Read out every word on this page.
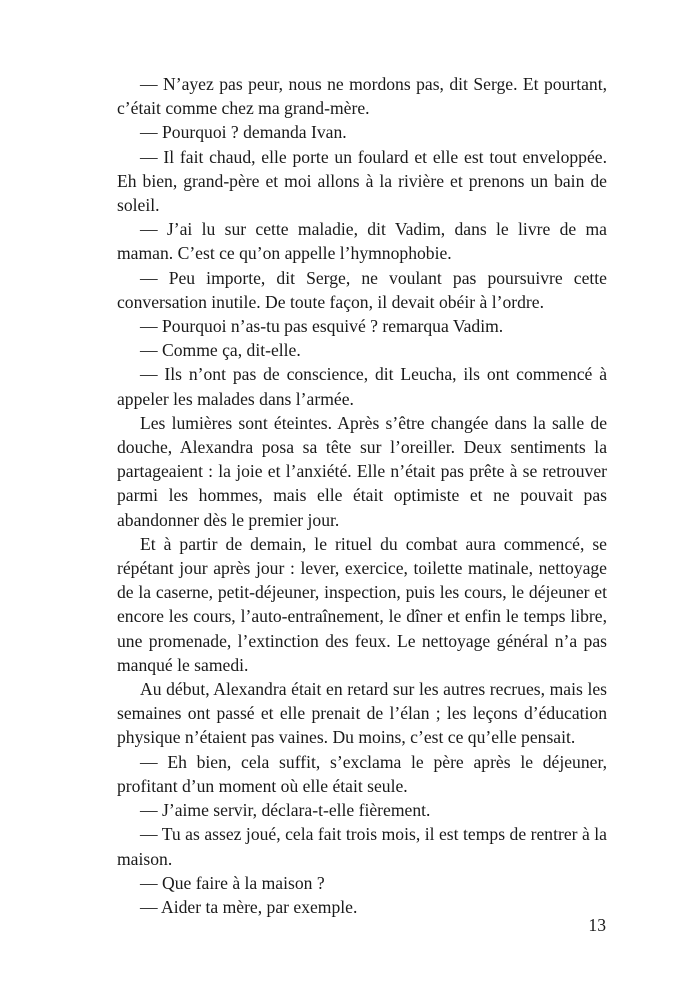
— N’ayez pas peur, nous ne mordons pas, dit Serge. Et pourtant, c’était comme chez ma grand-mère.

— Pourquoi ? demanda Ivan.

— Il fait chaud, elle porte un foulard et elle est tout enveloppée. Eh bien, grand-père et moi allons à la rivière et prenons un bain de soleil.

— J’ai lu sur cette maladie, dit Vadim, dans le livre de ma maman. C’est ce qu’on appelle l’hymnophobie.

— Peu importe, dit Serge, ne voulant pas poursuivre cette conversation inutile. De toute façon, il devait obéir à l’ordre.

— Pourquoi n’as-tu pas esquivé ? remarqua Vadim.

— Comme ça, dit-elle.

— Ils n’ont pas de conscience, dit Leucha, ils ont commencé à appeler les malades dans l’armée.

Les lumières sont éteintes. Après s’être changée dans la salle de douche, Alexandra posa sa tête sur l’oreiller. Deux sentiments la partageaient : la joie et l’anxiété. Elle n’était pas prête à se retrouver parmi les hommes, mais elle était optimiste et ne pouvait pas abandonner dès le premier jour.

Et à partir de demain, le rituel du combat aura commencé, se répétant jour après jour : lever, exercice, toilette matinale, nettoyage de la caserne, petit-déjeuner, inspection, puis les cours, le déjeuner et encore les cours, l’auto-entraînement, le dîner et enfin le temps libre, une promenade, l’extinction des feux. Le nettoyage général n’a pas manqué le samedi.

Au début, Alexandra était en retard sur les autres recrues, mais les semaines ont passé et elle prenait de l’élan ; les leçons d’éducation physique n’étaient pas vaines. Du moins, c’est ce qu’elle pensait.

— Eh bien, cela suffit, s’exclama le père après le déjeuner, profitant d’un moment où elle était seule.

— J’aime servir, déclara-t-elle fièrement.

— Tu as assez joué, cela fait trois mois, il est temps de rentrer à la maison.

— Que faire à la maison ?

— Aider ta mère, par exemple.

13
